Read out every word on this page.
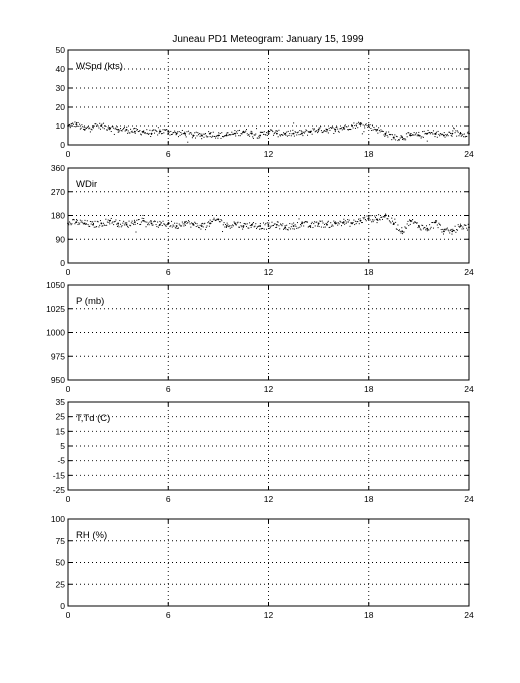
Juneau PD1 Meteogram: January 15, 1999
0
10
20
30
40
50
0	6	12	18	24
WSpd (kts)
0
90
180
270
360
0	6	12	18	24
WDir
950
975
1000
1025
1050
0	6	12	18	24
P (mb)
-25
-15
-5
5
15
25
35
0	6	12	18	24
T,Td (C)
0
25
50
75
100
0	6	12	18	24
RH (%)
